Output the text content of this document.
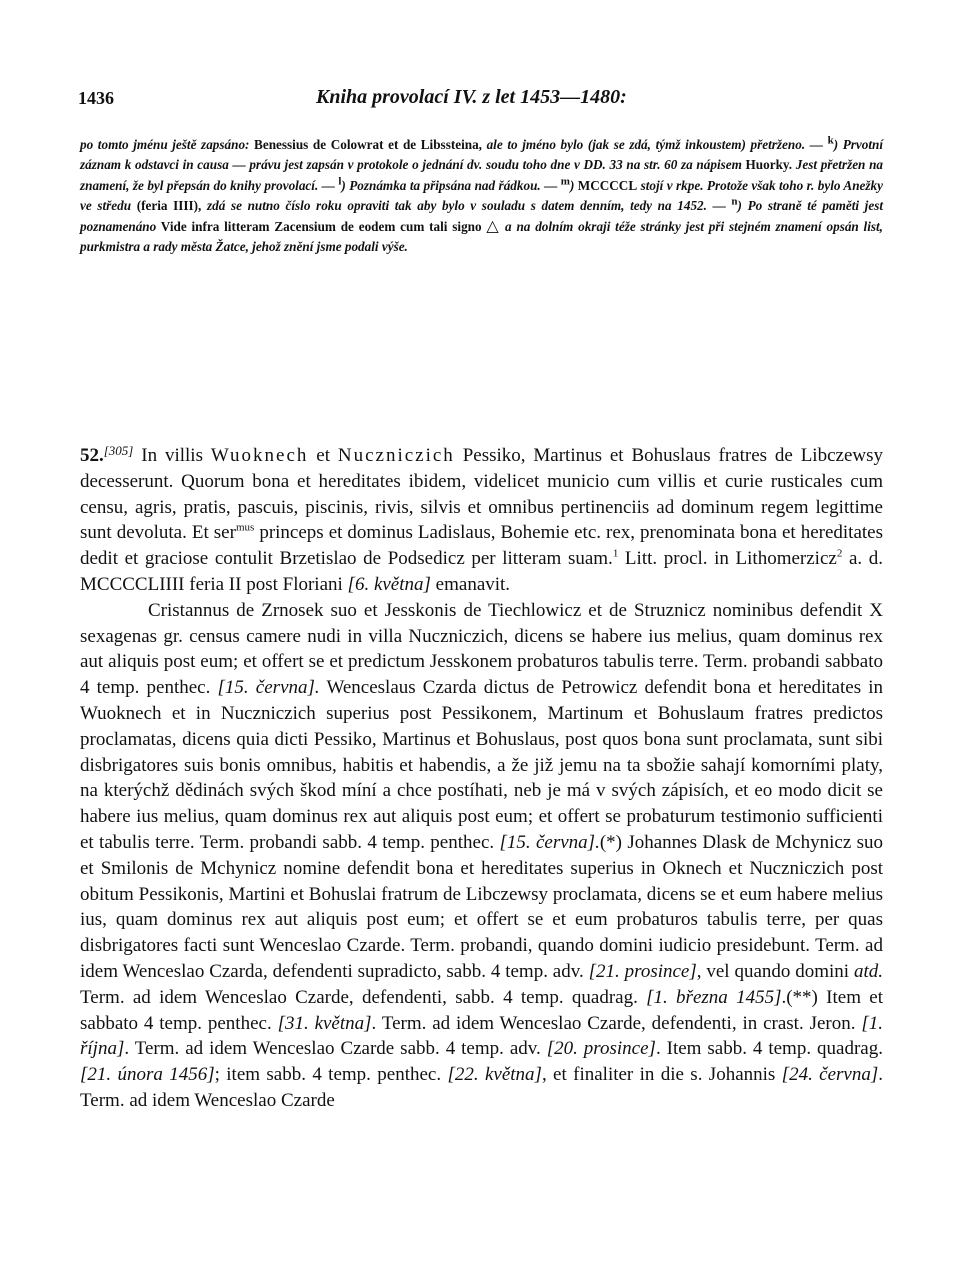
1436	Kniha provolací IV. z let 1453—1480:
po tomto jménu ještě zapsáno: Benessius de Colowrat et de Libssteina, ale to jméno bylo (jak se zdá, týmž inkoustem) přetrženo. — $^k$) Prvotní záznam k odstavci in causa — právu jest zapsán v protokole o jednání dv. soudu toho dne v DD. 33 na str. 60 za nápisem Huorky. Jest přetržen na znamení, že byl přepsán do knihy provolací. — $^l$) Poznámka ta připsána nad řádkou. — $^m$) MCCCCL stojí v rkpe. Protože však toho r. bylo Anežky ve středu (feria IIII), zdá se nutno číslo roku opraviti tak aby bylo v souladu s datem denním, tedy na 1452. — $^n$) Po straně té paměti jest poznamenáno Vide infra litteram Zacensium de eodem cum tali signo △ a na dolním okraji téže stránky jest při stejném znamení opsán list, purkmistra a rady města Žatce, jehož znění jsme podali výše.

52.[305] In villis Wuoknech et Nuczniczich Pessiko, Martinus et Bohuslaus fratres de Libczewsy decesserunt. Quorum bona et hereditates ibidem, videlicet municio cum villis et curie rusticales cum censu, agris, pratis, pascuis, piscinis, rivis, silvis et omnibus pertinenciis ad dominum regem legittime sunt devoluta. Et ser$^{mus}$ princeps et dominus Ladislaus, Bohemie etc. rex, prenominata bona et hereditates dedit et graciose contulit Brzetislao de Podsedicz per litteram suam.$^1$ Litt. procl. in Lithomerzicz$^2$ a. d. MCCCCLIIII feria II post Floriani [6. května] emanavit.

Cristannus de Zrnosek suo et Jesskonis de Tiechlowicz et de Struznicz nominibus defendit X sexagenas gr. census camere nudi in villa Nuczniczich, dicens se habere ius melius, quam dominus rex aut aliquis post eum; et offert se et predictum Jesskonem probaturos tabulis terre. Term. probandi sabbato 4 temp. penthec. [15. června]. Wenceslaus Czarda dictus de Petrowicz defendit bona et hereditates in Wuoknech et in Nuczniczich superius post Pessikonem, Martinum et Bohuslaum fratres predictos proclamatas, dicens quia dicti Pessiko, Martinus et Bohuslaus, post quos bona sunt proclamata, sunt sibi disbrigatores suis bonis omnibus, habitis et habendis, a že již jemu na ta sbožie sahají komorními platy, na kterýchž dědinách svých škod míní a chce postíhati, neb je má v svých zápisích, et eo modo dicit se habere ius melius, quam dominus rex aut aliquis post eum; et offert se probaturum testimonio sufficienti et tabulis terre. Term. probandi sabb. 4 temp. penthec. [15. června].(*) Johannes Dlask de Mchynicz suo et Smilonis de Mchynicz nomine defendit bona et hereditates superius in Oknech et Nuczniczich post obitum Pessikonis, Martini et Bohuslai fratrum de Libczewsy proclamata, dicens se et eum habere melius ius, quam dominus rex aut aliquis post eum; et offert se et eum probaturos tabulis terre, per quas disbrigatores facti sunt Wenceslao Czarde. Term. probandi, quando domini iudicio presidebunt. Term. ad idem Wenceslao Czarda, defendenti supradicto, sabb. 4 temp. adv. [21. prosince], vel quando domini atd. Term. ad idem Wenceslao Czarde, defendenti, sabb. 4 temp. quadrag. [1. března 1455].(**) Item et sabbato 4 temp. penthec. [31. května]. Term. ad idem Wenceslao Czarde, defendenti, in crast. Jeron. [1. října]. Term. ad idem Wenceslao Czarde sabb. 4 temp. adv. [20. prosince]. Item sabb. 4 temp. quadrag. [21. února 1456]; item sabb. 4 temp. penthec. [22. května], et finaliter in die s. Johannis [24. června]. Term. ad idem Wenceslao Czarde
